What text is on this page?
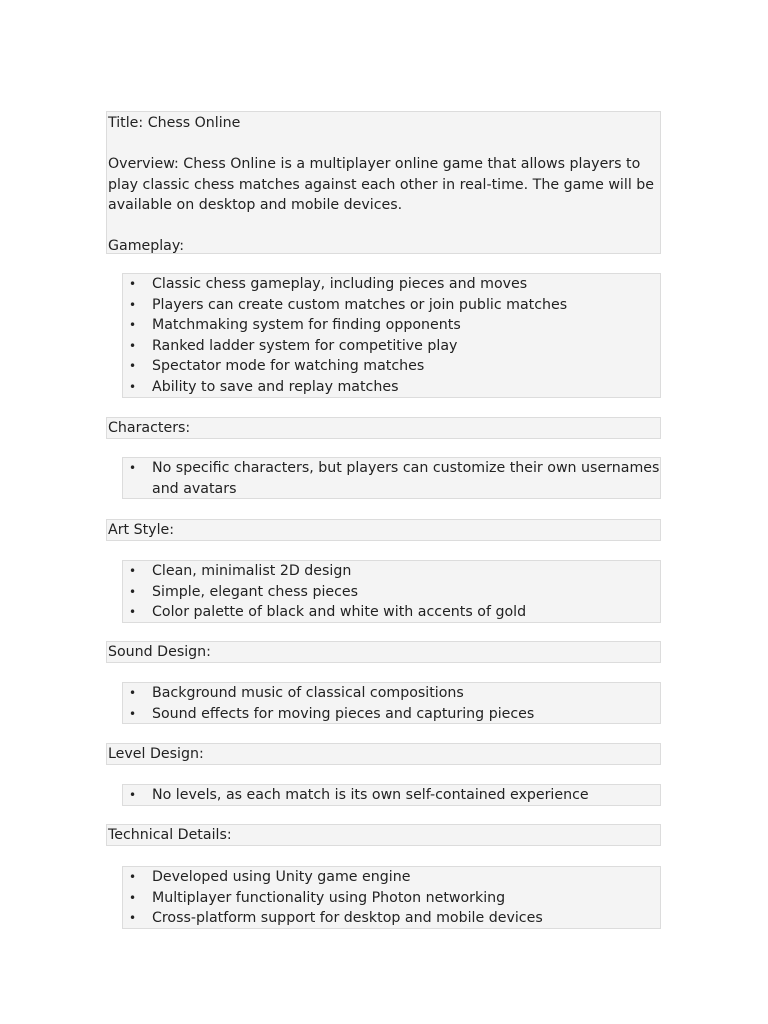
Title: Chess Online

Overview: Chess Online is a multiplayer online game that allows players to play classic chess matches against each other in real-time. The game will be available on desktop and mobile devices.

Gameplay:

• Classic chess gameplay, including pieces and moves
• Players can create custom matches or join public matches
• Matchmaking system for finding opponents
• Ranked ladder system for competitive play
• Spectator mode for watching matches
• Ability to save and replay matches

Characters:

• No specific characters, but players can customize their own usernames and avatars

Art Style:

• Clean, minimalist 2D design
• Simple, elegant chess pieces
• Color palette of black and white with accents of gold

Sound Design:

• Background music of classical compositions
• Sound effects for moving pieces and capturing pieces

Level Design:

• No levels, as each match is its own self-contained experience

Technical Details:

• Developed using Unity game engine
• Multiplayer functionality using Photon networking
• Cross-platform support for desktop and mobile devices
